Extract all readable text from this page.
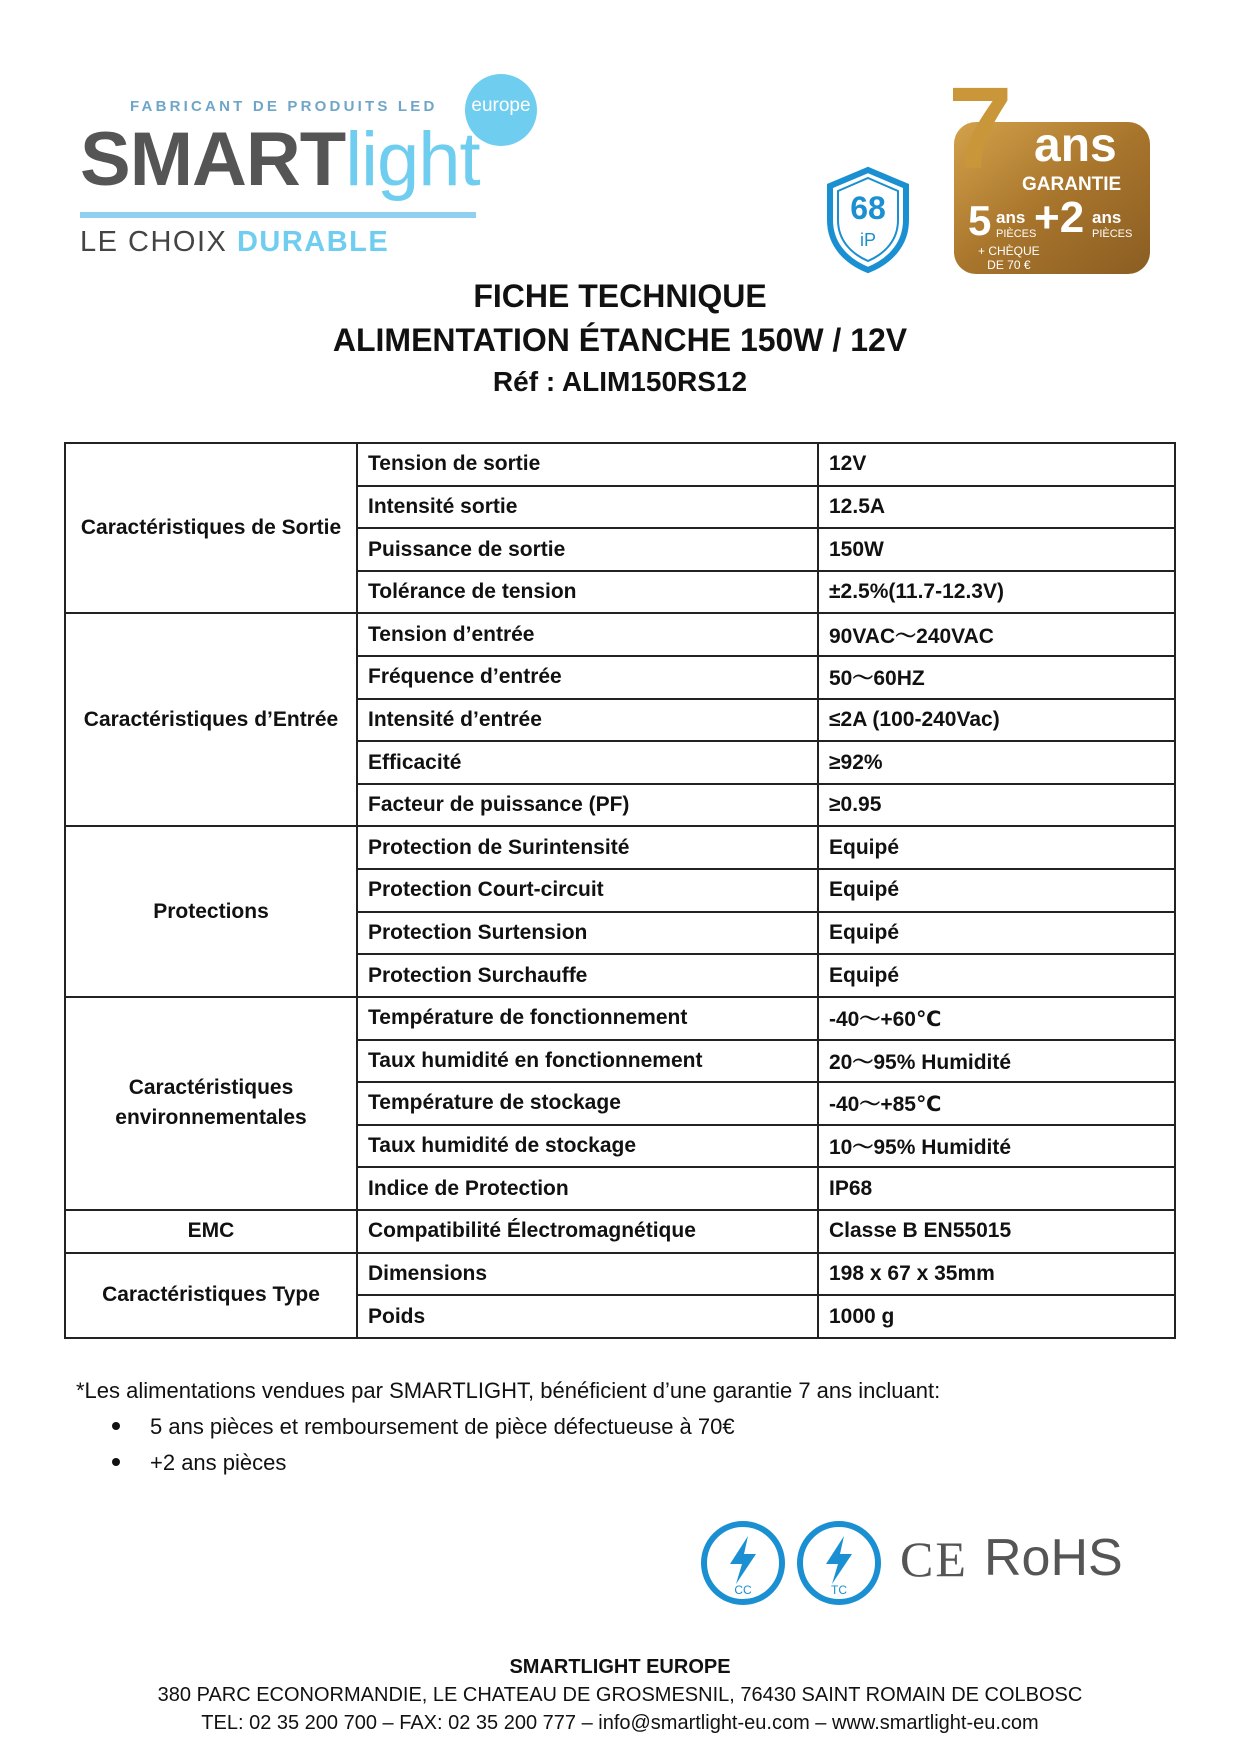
FABRICANT DE PRODUITS LED	europe
SMARTlight
LE CHOIX DURABLE
68
iP
7 ans
GARANTIE
5 ans
PIÈCES
+2 ans
PIÈCES
+ CHÈQUE
DE 70 €
FICHE TECHNIQUE
ALIMENTATION ÉTANCHE 150W / 12V
Réf : ALIM150RS12
Caractéristiques de Sortie	Tension de sortie	12V
	Intensité sortie	12.5A
	Puissance de sortie	150W
	Tolérance de tension	±2.5%(11.7-12.3V)
Caractéristiques d’Entrée	Tension d’entrée	90VAC～240VAC
	Fréquence d’entrée	50～60HZ
	Intensité d’entrée	≤2A (100-240Vac)
	Efficacité	≥92%
	Facteur de puissance (PF)	≥0.95
Protections	Protection de Surintensité	Equipé
	Protection Court-circuit	Equipé
	Protection Surtension	Equipé
	Protection Surchauffe	Equipé

Caractéristiques
environnementales	Température de fonctionnement	-40～+60℃
	Taux humidité en fonctionnement	20～95% Humidité
	Température de stockage	-40～+85℃
	Taux humidité de stockage	10～95% Humidité
	Indice de Protection	IP68
EMC	Compatibilité Électromagnétique	Classe B EN55015
Caractéristiques Type	Dimensions	198 x 67 x 35mm
	Poids	1000 g
*Les alimentations vendues par SMARTLIGHT, bénéficient d’une garantie 7 ans incluant:
5 ans pièces et remboursement de pièce défectueuse à 70€
+2 ans pièces
CC	TC
CE RoHS
SMARTLIGHT EUROPE
380 PARC ECONORMANDIE, LE CHATEAU DE GROSMESNIL, 76430 SAINT ROMAIN DE COLBOSC
TEL: 02 35 200 700 – FAX: 02 35 200 777 – info@smartlight-eu.com – www.smartlight-eu.com
